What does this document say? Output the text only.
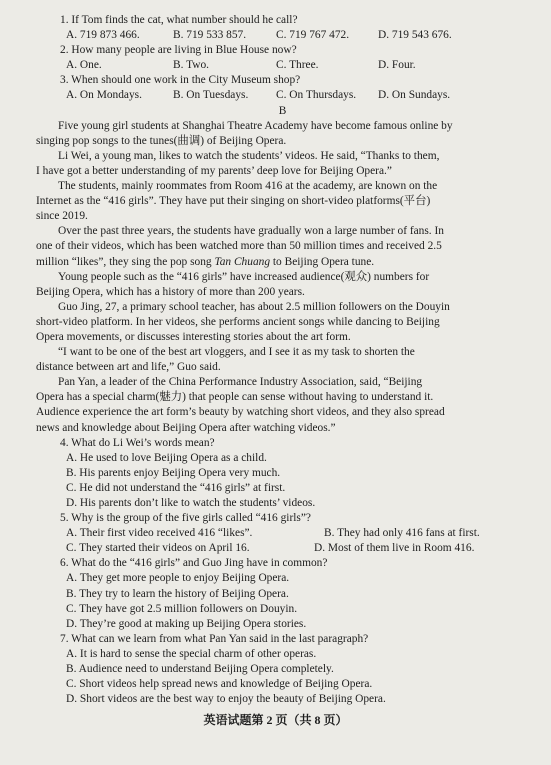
1. If Tom finds the cat, what number should he call?
A. 719 873 466.	B. 719 533 857.	C. 719 767 472.	D. 719 543 676.
2. How many people are living in Blue House now?
A. One.	B. Two.	C. Three.	D. Four.
3. When should one work in the City Museum shop?
A. On Mondays.	B. On Tuesdays.	C. On Thursdays.	D. On Sundays.
B

Five young girl students at Shanghai Theatre Academy have become famous online by
singing pop songs to the tunes(曲调) of Beijing Opera.

Li Wei, a young man, likes to watch the students’ videos. He said, “Thanks to them,
I have got a better understanding of my parents’ deep love for Beijing Opera.”

The students, mainly roommates from Room 416 at the academy, are known on the
Internet as the “416 girls”. They have put their singing on short-video platforms(平台)
since 2019.

Over the past three years, the students have gradually won a large number of fans. In
one of their videos, which has been watched more than 50 million times and received 2.5
million “likes”, they sing the pop song Tan Chuang to Beijing Opera tune.

Young people such as the “416 girls” have increased audience(观众) numbers for
Beijing Opera, which has a history of more than 200 years.

Guo Jing, 27, a primary school teacher, has about 2.5 million followers on the Douyin
short-video platform. In her videos, she performs ancient songs while dancing to Beijing
Opera movements, or discusses interesting stories about the art form.

“I want to be one of the best art vloggers, and I see it as my task to shorten the
distance between art and life,” Guo said.

Pan Yan, a leader of the China Performance Industry Association, said, “Beijing
Opera has a special charm(魅力) that people can sense without having to understand it.
Audience experience the art form’s beauty by watching short videos, and they also spread
news and knowledge about Beijing Opera after watching videos.”

4. What do Li Wei’s words mean?
A. He used to love Beijing Opera as a child.
B. His parents enjoy Beijing Opera very much.
C. He did not understand the “416 girls” at first.
D. His parents don’t like to watch the students’ videos.
5. Why is the group of the five girls called “416 girls”?
A. Their first video received 416 “likes”.	B. They had only 416 fans at first.
C. They started their videos on April 16.	D. Most of them live in Room 416.
6. What do the “416 girls” and Guo Jing have in common?
A. They get more people to enjoy Beijing Opera.
B. They try to learn the history of Beijing Opera.
C. They have got 2.5 million followers on Douyin.
D. They’re good at making up Beijing Opera stories.
7. What can we learn from what Pan Yan said in the last paragraph?
A. It is hard to sense the special charm of other operas.
B. Audience need to understand Beijing Opera completely.
C. Short videos help spread news and knowledge of Beijing Opera.
D. Short videos are the best way to enjoy the beauty of Beijing Opera.
英语试题第 2 页（共 8 页）
